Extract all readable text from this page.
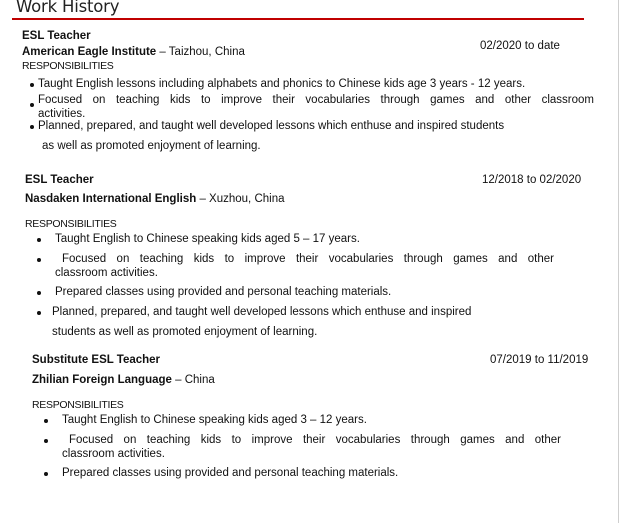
Work History
ESL Teacher
American Eagle Institute – Taizhou, China	02/2020 to date
RESPONSIBILITIES
Taught English lessons including alphabets and phonics to Chinese kids age 3 years - 12 years.
Focused on teaching kids to improve their vocabularies through games and other classroom
activities.
Planned, prepared, and taught well developed lessons which enthuse and inspired students
as well as promoted enjoyment of learning.
ESL Teacher
Nasdaken International English – Xuzhou, China
12/2018 to 02/2020
RESPONSIBILITIES
Taught English to Chinese speaking kids aged 5 – 17 years.
Focused on teaching kids to improve their vocabularies through games and other
classroom activities.
Prepared classes using provided and personal teaching materials.
Planned, prepared, and taught well developed lessons which enthuse and inspired
students as well as promoted enjoyment of learning.
Substitute ESL Teacher
Zhilian Foreign Language – China
07/2019 to 11/2019
RESPONSIBILITIES
Taught English to Chinese speaking kids aged 3 – 12 years.
Focused on teaching kids to improve their vocabularies through games and other
classroom activities.
Prepared classes using provided and personal teaching materials.
